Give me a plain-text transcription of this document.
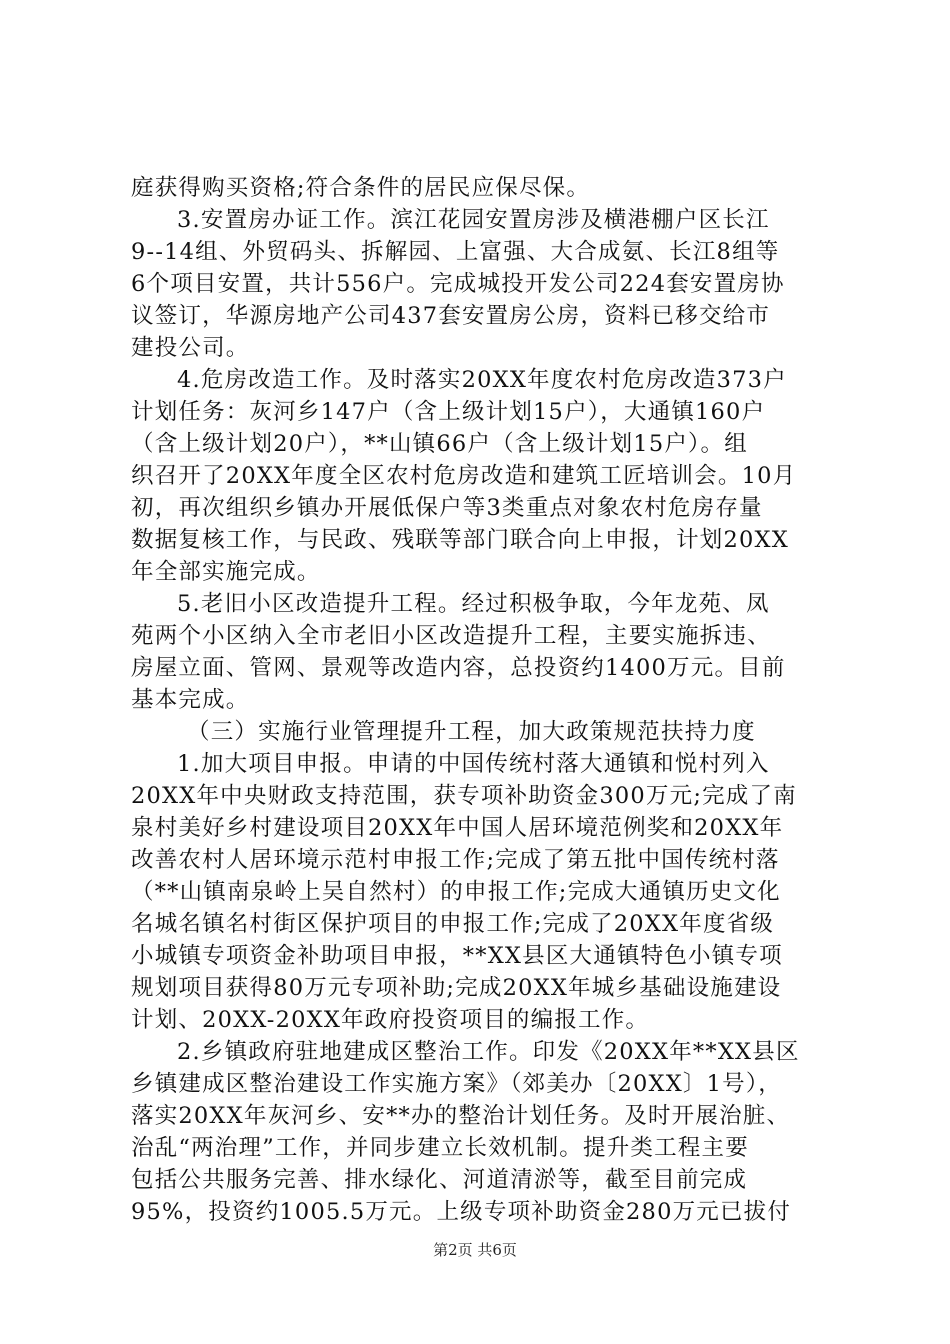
庭获得购买资格;符合条件的居民应保尽保。
3.安置房办证工作。滨江花园安置房涉及横港棚户区长江
9--14组、外贸码头、拆解园、上富强、大合成氨、长江8组等
6个项目安置，共计556户。完成城投开发公司224套安置房协
议签订，华源房地产公司437套安置房公房，资料已移交给市
建投公司。
4.危房改造工作。及时落实20XX年度农村危房改造373户
计划任务：灰河乡147户（含上级计划15户），大通镇160户
（含上级计划20户），**山镇66户（含上级计划15户）。组
织召开了20XX年度全区农村危房改造和建筑工匠培训会。10月
初，再次组织乡镇办开展低保户等3类重点对象农村危房存量
数据复核工作，与民政、残联等部门联合向上申报，计划20XX
年全部实施完成。
5.老旧小区改造提升工程。经过积极争取，今年龙苑、凤
苑两个小区纳入全市老旧小区改造提升工程，主要实施拆违、
房屋立面、管网、景观等改造内容，总投资约1400万元。目前
基本完成。
（三）实施行业管理提升工程，加大政策规范扶持力度
1.加大项目申报。申请的中国传统村落大通镇和悦村列入
20XX年中央财政支持范围，获专项补助资金300万元;完成了南
泉村美好乡村建设项目20XX年中国人居环境范例奖和20XX年
改善农村人居环境示范村申报工作;完成了第五批中国传统村落
（**山镇南泉岭上吴自然村）的申报工作;完成大通镇历史文化
名城名镇名村街区保护项目的申报工作;完成了20XX年度省级
小城镇专项资金补助项目申报，**XX县区大通镇特色小镇专项
规划项目获得80万元专项补助;完成20XX年城乡基础设施建设
计划、20XX-20XX年政府投资项目的编报工作。
2.乡镇政府驻地建成区整治工作。印发《20XX年**XX县区
乡镇建成区整治建设工作实施方案》（郊美办〔20XX〕1号），
落实20XX年灰河乡、安**办的整治计划任务。及时开展治脏、
治乱“两治理”工作，并同步建立长效机制。提升类工程主要
包括公共服务完善、排水绿化、河道清淤等，截至目前完成
95%，投资约1005.5万元。上级专项补助资金280万元已拔付
第2页 共6页
